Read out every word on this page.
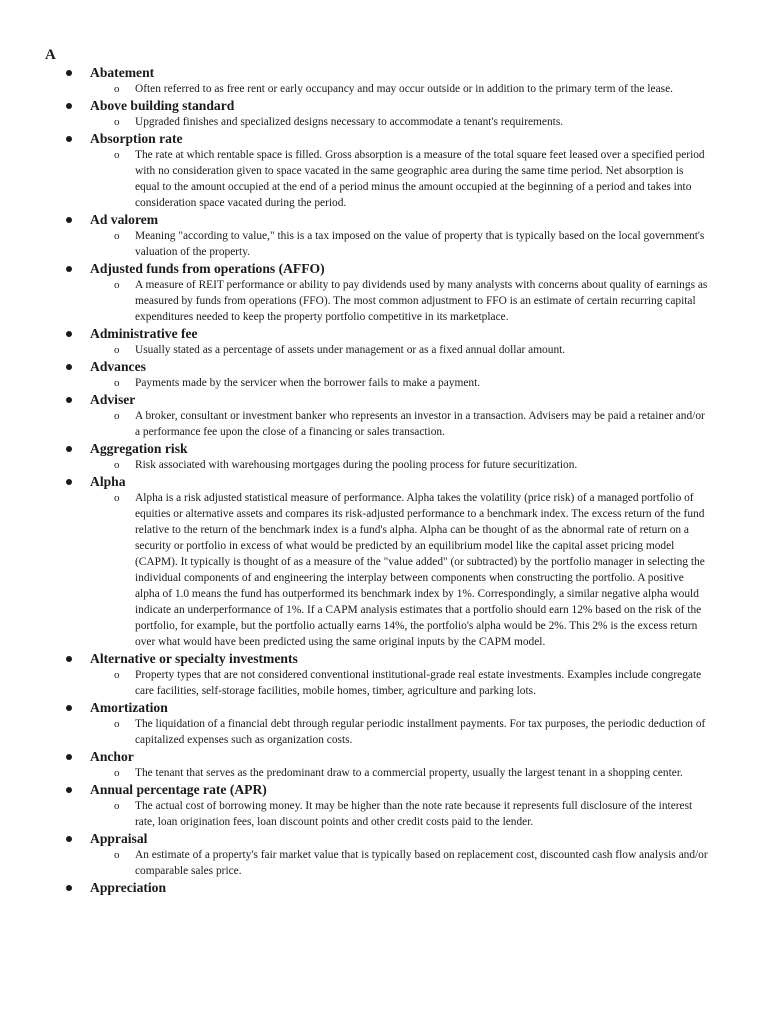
A
Abatement
o Often referred to as free rent or early occupancy and may occur outside or in addition to the primary term of the lease.
Above building standard
o Upgraded finishes and specialized designs necessary to accommodate a tenant's requirements.
Absorption rate
o The rate at which rentable space is filled. Gross absorption is a measure of the total square feet leased over a specified period with no consideration given to space vacated in the same geographic area during the same time period. Net absorption is equal to the amount occupied at the end of a period minus the amount occupied at the beginning of a period and takes into consideration space vacated during the period.
Ad valorem
o Meaning "according to value," this is a tax imposed on the value of property that is typically based on the local government's valuation of the property.
Adjusted funds from operations (AFFO)
o A measure of REIT performance or ability to pay dividends used by many analysts with concerns about quality of earnings as measured by funds from operations (FFO). The most common adjustment to FFO is an estimate of certain recurring capital expenditures needed to keep the property portfolio competitive in its marketplace.
Administrative fee
o Usually stated as a percentage of assets under management or as a fixed annual dollar amount.
Advances
o Payments made by the servicer when the borrower fails to make a payment.
Adviser
o A broker, consultant or investment banker who represents an investor in a transaction. Advisers may be paid a retainer and/or a performance fee upon the close of a financing or sales transaction.
Aggregation risk
o Risk associated with warehousing mortgages during the pooling process for future securitization.
Alpha
o Alpha is a risk adjusted statistical measure of performance. Alpha takes the volatility (price risk) of a managed portfolio of equities or alternative assets and compares its risk-adjusted performance to a benchmark index. The excess return of the fund relative to the return of the benchmark index is a fund's alpha. Alpha can be thought of as the abnormal rate of return on a security or portfolio in excess of what would be predicted by an equilibrium model like the capital asset pricing model (CAPM). It typically is thought of as a measure of the "value added" (or subtracted) by the portfolio manager in selecting the individual components of and engineering the interplay between components when constructing the portfolio. A positive alpha of 1.0 means the fund has outperformed its benchmark index by 1%. Correspondingly, a similar negative alpha would indicate an underperformance of 1%. If a CAPM analysis estimates that a portfolio should earn 12% based on the risk of the portfolio, for example, but the portfolio actually earns 14%, the portfolio's alpha would be 2%. This 2% is the excess return over what would have been predicted using the same original inputs by the CAPM model.
Alternative or specialty investments
o Property types that are not considered conventional institutional-grade real estate investments. Examples include congregate care facilities, self-storage facilities, mobile homes, timber, agriculture and parking lots.
Amortization
o The liquidation of a financial debt through regular periodic installment payments. For tax purposes, the periodic deduction of capitalized expenses such as organization costs.
Anchor
o The tenant that serves as the predominant draw to a commercial property, usually the largest tenant in a shopping center.
Annual percentage rate (APR)
o The actual cost of borrowing money. It may be higher than the note rate because it represents full disclosure of the interest rate, loan origination fees, loan discount points and other credit costs paid to the lender.
Appraisal
o An estimate of a property's fair market value that is typically based on replacement cost, discounted cash flow analysis and/or comparable sales price.
Appreciation
